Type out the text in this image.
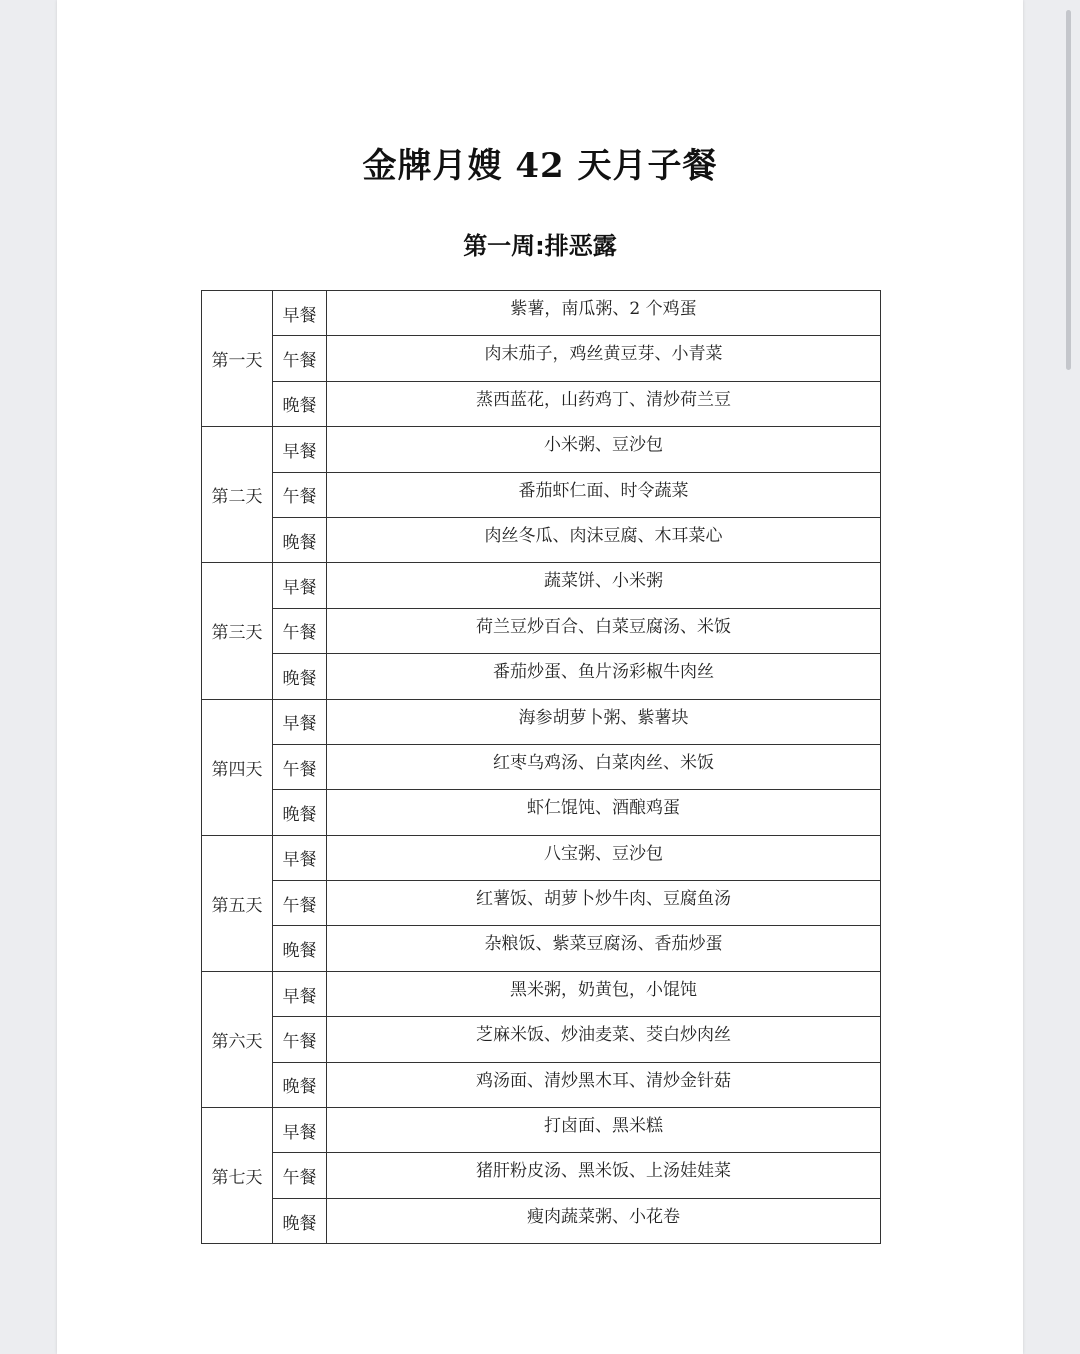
金牌月嫂 42 天月子餐
第一周:排恶露
第一天	早餐	紫薯，南瓜粥、2 个鸡蛋
	午餐	肉末茄子，鸡丝黄豆芽、小青菜
	晚餐	蒸西蓝花，山药鸡丁、清炒荷兰豆
第二天	早餐	小米粥、豆沙包
	午餐	番茄虾仁面、时令蔬菜
	晚餐	肉丝冬瓜、肉沫豆腐、木耳菜心
第三天	早餐	蔬菜饼、小米粥
	午餐	荷兰豆炒百合、白菜豆腐汤、米饭
	晚餐	番茄炒蛋、鱼片汤彩椒牛肉丝
第四天	早餐	海参胡萝卜粥、紫薯块
	午餐	红枣乌鸡汤、白菜肉丝、米饭
	晚餐	虾仁馄饨、酒酿鸡蛋
第五天	早餐	八宝粥、豆沙包
	午餐	红薯饭、胡萝卜炒牛肉、豆腐鱼汤
	晚餐	杂粮饭、紫菜豆腐汤、香茄炒蛋
第六天	早餐	黑米粥，奶黄包，小馄饨
	午餐	芝麻米饭、炒油麦菜、茭白炒肉丝
	晚餐	鸡汤面、清炒黑木耳、清炒金针菇
第七天	早餐	打卤面、黑米糕
	午餐	猪肝粉皮汤、黑米饭、上汤娃娃菜
	晚餐	瘦肉蔬菜粥、小花卷
